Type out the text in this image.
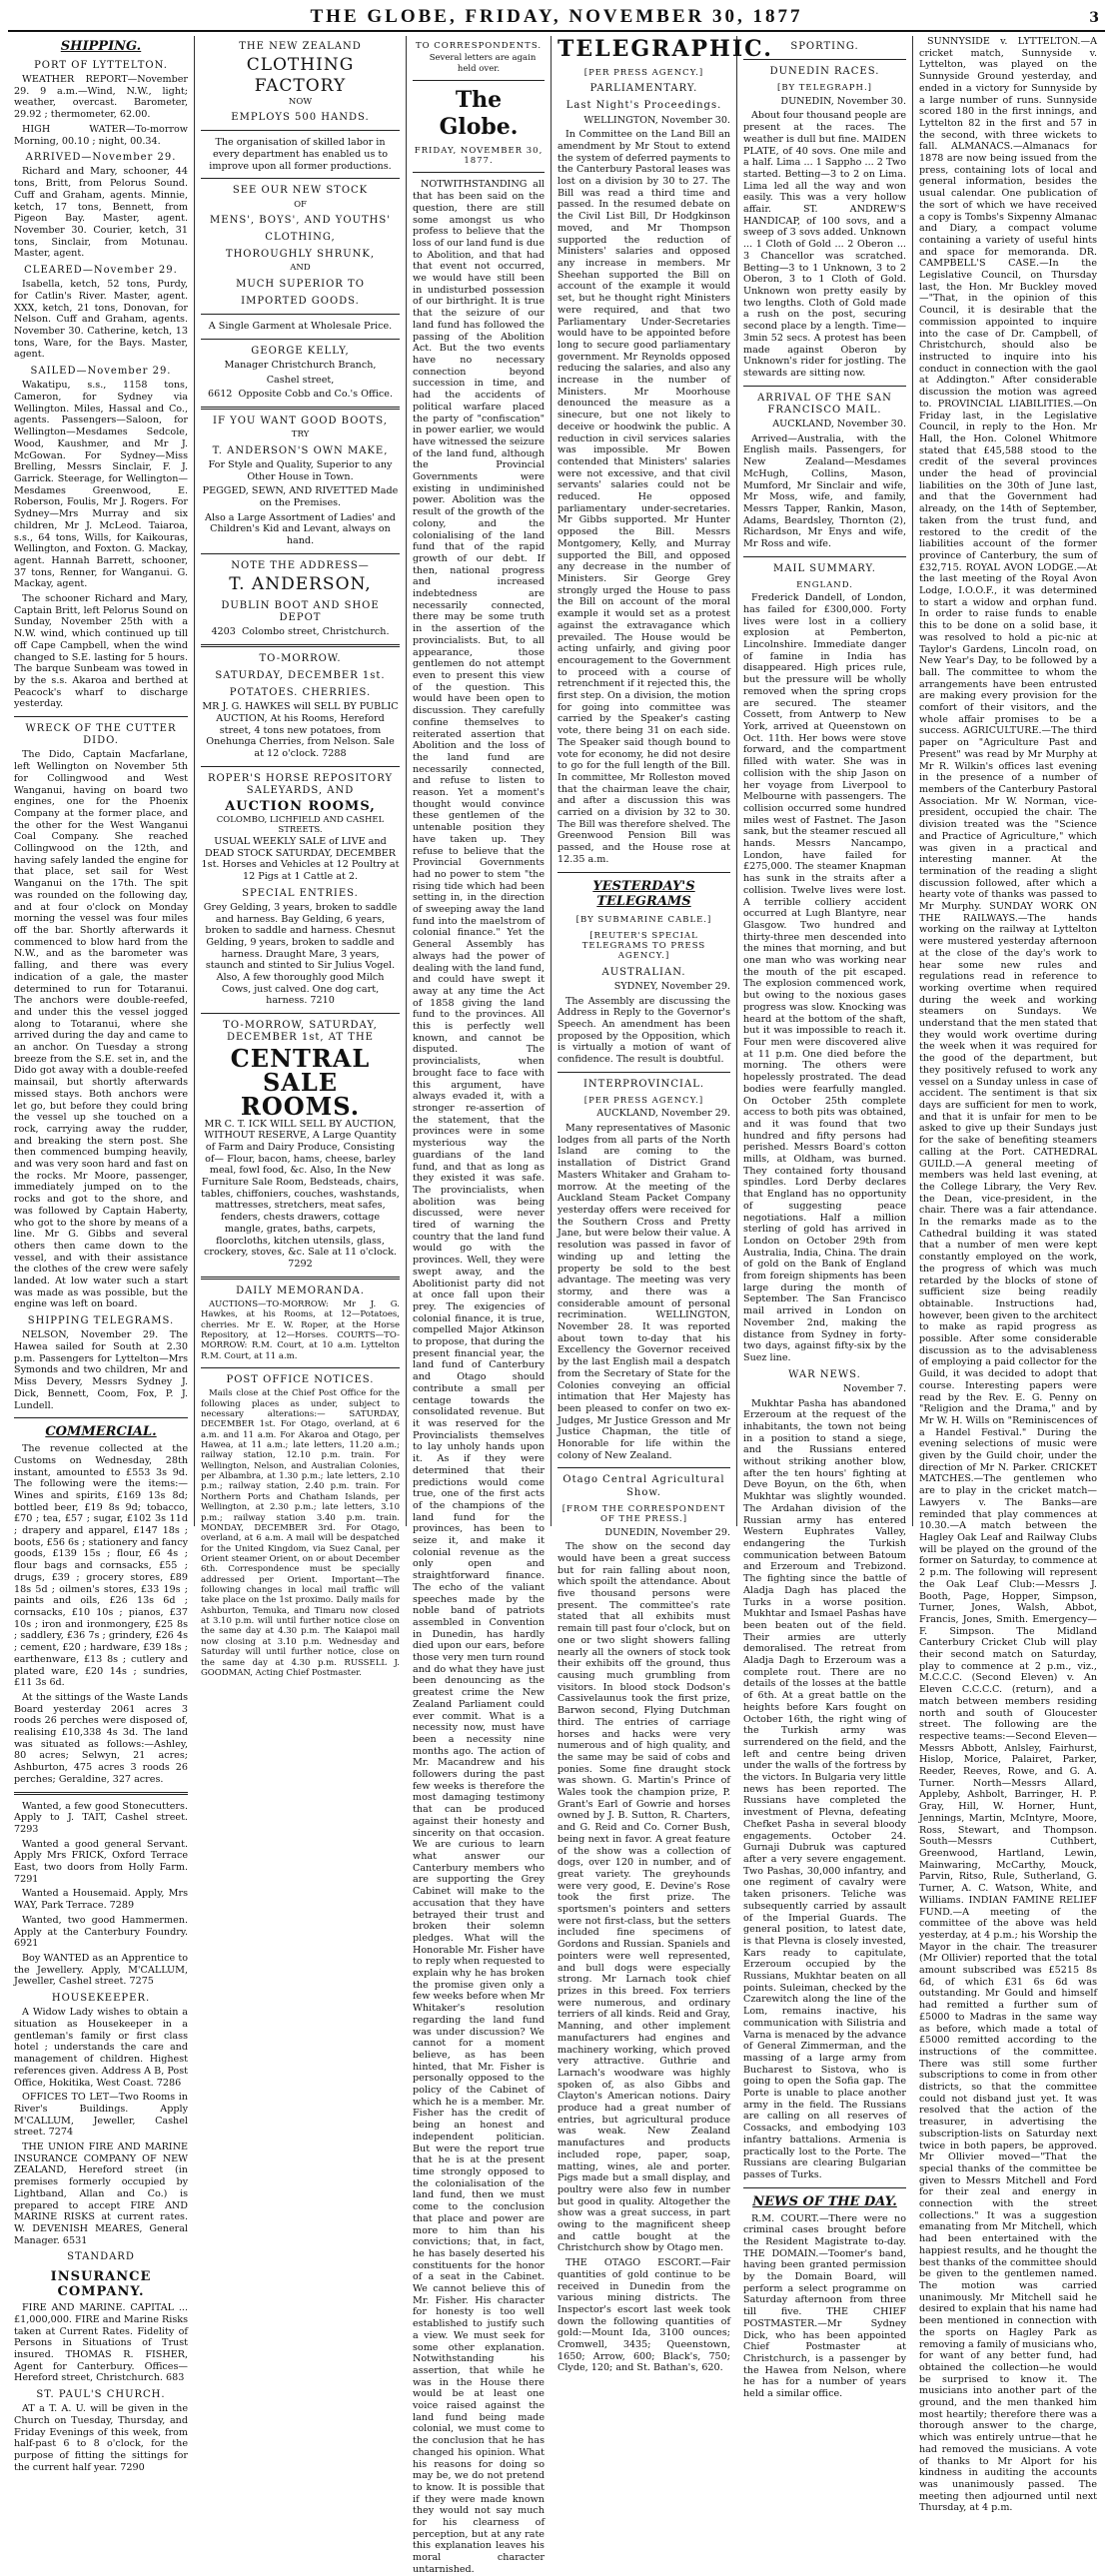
THE GLOBE, FRIDAY, NOVEMBER 30, 1877	3
SHIPPING.
PORT OF LYTTELTON.

WEATHER REPORT—November 29. 9 a.m.—Wind, N.W., light; weather, overcast. Barometer, 29.92 ; thermometer, 62.00.

HIGH WATER—To-morrow Morning, 00.10 ; night, 00.34.

ARRIVED—November 29.

Richard and Mary, schooner, 44 tons, Britt, from Pelorus Sound. Cuff and Graham, agents. Minnie, ketch, 17 tons, Bennett, from Pigeon Bay. Master, agent. November 30. Courier, ketch, 31 tons, Sinclair, from Motunau. Master, agent.

CLEARED—November 29.

Isabella, ketch, 52 tons, Purdy, for Catlin's River. Master, agent. XXX, ketch, 21 tons, Donovan, for Nelson. Cuff and Graham, agents. November 30. Catherine, ketch, 13 tons, Ware, for the Bays. Master, agent.

SAILED—November 29.

Wakatipu, s.s., 1158 tons, Cameron, for Sydney via Wellington. Miles, Hassal and Co., agents. Passengers—Saloon, for Wellington—Mesdames Sedcole, Wood, Kaushmer, and Mr J. McGowan. For Sydney—Miss Brelling, Messrs Sinclair, F. J. Garrick. Steerage, for Wellington—Mesdames Greenwood, E. Roberson, Foulis, Mr J. Rogers. For Sydney—Mrs Murray and six children, Mr J. McLeod. Taiaroa, s.s., 64 tons, Wills, for Kaikouras, Wellington, and Foxton. G. Mackay, agent. Hannah Barrett, schooner, 37 tons, Renner, for Wanganui. G. Mackay, agent.

The schooner Richard and Mary, Captain Britt, left Pelorus Sound on Sunday, November 25th with a N.W. wind, which continued up till off Cape Campbell, when the wind changed to S.E. lasting for 5 hours. The barque Sunbeam was towed in by the s.s. Akaroa and berthed at Peacock's wharf to discharge yesterday.

WRECK OF THE CUTTER DIDO.

The Dido, Captain Macfarlane, left Wellington on November 5th for Collingwood and West Wanganui, having on board two engines, one for the Phoenix Company at the former place, and the other for the West Wanganui Coal Company. She reached Collingwood on the 12th, and having safely landed the engine for that place, set sail for West Wanganui on the 17th. The spit was rounded on the following day, and at four o'clock on Monday morning the vessel was four miles off the bar. Shortly afterwards it commenced to blow hard from the N.W., and as the barometer was falling, and there was every indication of a gale, the master determined to run for Totaranui. The anchors were double-reefed, and under this the vessel jogged along to Totaranui, where she arrived during the day and came to an anchor. On Tuesday a strong breeze from the S.E. set in, and the Dido got away with a double-reefed mainsail, but shortly afterwards missed stays. Both anchors were let go, but before they could bring the vessel up she touched on a rock, carrying away the rudder, and breaking the stern post. She then commenced bumping heavily, and was very soon hard and fast on the rocks. Mr Moore, passenger, immediately jumped on to the rocks and got to the shore, and was followed by Captain Haberty, who got to the shore by means of a line. Mr G. Gibbs and several others then came down to the vessel, and with their assistance the clothes of the crew were safely landed. At low water such a start was made as was possible, but the engine was left on board.

SHIPPING TELEGRAMS.

NELSON, November 29. The Hawea sailed for South at 2.30 p.m. Passengers for Lyttelton—Mrs Symonds and two children, Mr and Miss Devery, Messrs Sydney J. Dick, Bennett, Coom, Fox, P. J. Lundell.

COMMERCIAL.

The revenue collected at the Customs on Wednesday, 28th instant, amounted to £553 3s 9d. The following were the items:—Wines and spirits, £169 13s 8d; bottled beer, £19 8s 9d; tobacco, £70 ; tea, £57 ; sugar, £102 3s 11d ; drapery and apparel, £147 18s ; boots, £56 6s ; stationery and fancy goods, £139 15s ; flour, £6 4s ; flour bags and cornsacks, £55 ; drugs, £39 ; grocery stores, £89 18s 5d ; oilmen's stores, £33 19s ; paints and oils, £26 13s 6d ; cornsacks, £10 10s ; pianos, £37 10s ; iron and ironmongery, £25 8s ; saddlery, £36 7s ; grindery, £26 4s ; cement, £20 ; hardware, £39 18s ; earthenware, £13 8s ; cutlery and plated ware, £20 14s ; sundries, £11 3s 6d.

At the sittings of the Waste Lands Board yesterday 2061 acres 3 roods 26 perches were disposed of, realising £10,338 4s 3d. The land was situated as follows:—Ashley, 80 acres; Selwyn, 21 acres; Ashburton, 475 acres 3 roods 26 perches; Geraldine, 327 acres.

Wanted, a few good Stonecutters. Apply to J. TAIT, Cashel street. 7293

Wanted a good general Servant. Apply Mrs FRICK, Oxford Terrace East, two doors from Holly Farm. 7291

Wanted a Housemaid. Apply, Mrs WAY, Park Terrace. 7289

Wanted, two good Hammermen. Apply at the Canterbury Foundry. 6921

Boy WANTED as an Apprentice to the Jewellery. Apply, M'CALLUM, Jeweller, Cashel street. 7275

HOUSEKEEPER.

A Widow Lady wishes to obtain a situation as Housekeeper in a gentleman's family or first class hotel ; understands the care and management of children. Highest references given. Address A B, Post Office, Hokitika, West Coast. 7286

OFFICES TO LET—Two Rooms in River's Buildings. Apply M'CALLUM, Jeweller, Cashel street. 7274

THE UNION FIRE AND MARINE INSURANCE COMPANY OF NEW ZEALAND, Hereford street (in premises formerly occupied by Lightband, Allan and Co.) is prepared to accept FIRE AND MARINE RISKS at current rates. W. DEVENISH MEARES, General Manager. 6531

STANDARD
INSURANCE COMPANY.

FIRE AND MARINE. CAPITAL ... £1,000,000. FIRE and Marine Risks taken at Current Rates. Fidelity of Persons in Situations of Trust insured. THOMAS R. FISHER, Agent for Canterbury. Offices—Hereford street, Christchurch. 683

ST. PAUL'S CHURCH.

AT a T. A. U. will be given in the Church on Tuesday, Thursday, and Friday Evenings of this week, from half-past 6 to 8 o'clock, for the purpose of fitting the sittings for the current half year. 7290

THE NEW ZEALAND
CLOTHING FACTORY
NOW
EMPLOYS 500 HANDS.

The organisation of skilled labor in every department has enabled us to improve upon all former productions.

SEE OUR NEW STOCK
OF
MENS', BOYS', AND YOUTHS'
CLOTHING,
THOROUGHLY SHRUNK,
AND
MUCH SUPERIOR TO
IMPORTED GOODS.

A Single Garment at Wholesale Price.

GEORGE KELLY,

Manager Christchurch Branch,

Cashel street,

6612 Opposite Cobb and Co.'s Office.

IF YOU WANT GOOD BOOTS,
TRY
T. ANDERSON'S OWN MAKE,

For Style and Quality, Superior to any Other House in Town.

PEGGED, SEWN, AND RIVETTED Made on the Premises.

Also a Large Assortment of Ladies' and Children's Kid and Levant, always on hand.

NOTE THE ADDRESS—
T. ANDERSON,
DUBLIN BOOT AND SHOE DEPOT

4203 Colombo street, Christchurch.

TO-MORROW.
SATURDAY, DECEMBER 1st.
POTATOES. CHERRIES.

MR J. G. HAWKES will SELL BY PUBLIC AUCTION, At his Rooms, Hereford street, 4 tons new potatoes, from Onehunga Cherries, from Nelson. Sale at 12 o'clock. 7288

ROPER'S HORSE REPOSITORY SALEYARDS, AND
AUCTION ROOMS,
COLOMBO, LICHFIELD AND CASHEL STREETS.

USUAL WEEKLY SALE of LIVE and DEAD STOCK SATURDAY, DECEMBER 1st. Horses and Vehicles at 12 Poultry at 12 Pigs at 1 Cattle at 2.

SPECIAL ENTRIES.

Grey Gelding, 3 years, broken to saddle and harness. Bay Gelding, 6 years, broken to saddle and harness. Chesnut Gelding, 9 years, broken to saddle and harness. Draught Mare, 3 years, staunch and stinted to Sir Julius Vogel. Also, A few thoroughly good Milch Cows, just calved. One dog cart, harness. 7210

TO-MORROW, SATURDAY, DECEMBER 1st, AT THE
CENTRAL
SALE ROOMS.

MR C. T. ICK WILL SELL BY AUCTION, WITHOUT RESERVE, A Large Quantity of Farm and Dairy Produce, Consisting of— Flour, bacon, hams, cheese, barley meal, fowl food, &c. Also, In the New Furniture Sale Room, Bedsteads, chairs, tables, chiffoniers, couches, washstands, mattresses, stretchers, meat safes, fenders, chests drawers, cottage mangle, grates, baths, carpets, floorcloths, kitchen utensils, glass, crockery, stoves, &c. Sale at 11 o'clock. 7292

DAILY MEMORANDA.

AUCTIONS—TO-MORROW: Mr J. G. Hawkes, at his Rooms, at 12—Potatoes, cherries. Mr E. W. Roper, at the Horse Repository, at 12—Horses. COURTS—TO-MORROW: R.M. Court, at 10 a.m. Lyttelton R.M. Court, at 11 a.m.

POST OFFICE NOTICES.

Mails close at the Chief Post Office for the following places as under, subject to necessary alterations:— SATURDAY, DECEMBER 1st. For Otago, overland, at 6 a.m. and 11 a.m. For Akaroa and Otago, per Hawea, at 11 a.m.; late letters, 11.20 a.m.; railway station, 12.10 p.m. train. For Wellington, Nelson, and Australian Colonies, per Albambra, at 1.30 p.m.; late letters, 2.10 p.m.; railway station, 2.40 p.m. train. For Northern Ports and Chatham Islands, per Wellington, at 2.30 p.m.; late letters, 3.10 p.m.; railway station 3.40 p.m. train. MONDAY, DECEMBER 3rd. For Otago, overland, at 6 a.m. A mail will be despatched for the United Kingdom, via Suez Canal, per Orient steamer Orient, on or about December 6th. Correspondence must be specially addressed per Orient. Important—The following changes in local mail traffic will take place on the 1st proximo. Daily mails for Ashburton, Temuka, and Timaru now closed at 3.10 p.m. will until further notice close on the same day at 4.30 p.m. The Kaiapoi mail now closing at 3.10 p.m. Wednesday and Saturday will until further notice, close on the same day at 4.30 p.m. RUSSELL J. GOODMAN, Acting Chief Postmaster.

TO CORRESPONDENTS.

Several letters are again held over.

The Globe.
FRIDAY, NOVEMBER 30, 1877.

NOTWITHSTANDING all that has been said on the question, there are still some amongst us who profess to believe that the loss of our land fund is due to Abolition, and that had that event not occurred, we would have still been in undisturbed possession of our birthright. It is true that the seizure of our land fund has followed the passing of the Abolition Act. But the two events have no necessary connection beyond succession in time, and had the accidents of political warfare placed the party of "confiscation" in power earlier, we would have witnessed the seizure of the land fund, although the Provincial Governments were existing in undiminished power. Abolition was the result of the growth of the colony, and the colonialising of the land fund that of the rapid growth of our debt. If then, national progress and increased indebtedness are necessarily connected, there may be some truth in the assertion of the provincialists. But, to all appearance, those gentlemen do not attempt even to present this view of the question. This would have been open to discussion. They carefully confine themselves to reiterated assertion that Abolition and the loss of the land fund are necessarily connected, and refuse to listen to reason. Yet a moment's thought would convince these gentlemen of the untenable position they have taken up. They refuse to believe that the Provincial Governments had no power to stem "the rising tide which had been setting in, in the direction of sweeping away the land fund into the maelstrom of colonial finance." Yet the General Assembly has always had the power of dealing with the land fund, and could have swept it away at any time the Act of 1858 giving the land fund to the provinces. All this is perfectly well known, and cannot be disputed. The provincialists, when brought face to face with this argument, have always evaded it, with a stronger re-assertion of the statement, that the provinces were in some mysterious way the guardians of the land fund, and that as long as they existed it was safe. The provincialists, when abolition was being discussed, were never tired of warning the country that the land fund would go with the provinces. Well, they were swept away, and the Abolitionist party did not at once fall upon their prey. The exigencies of colonial finance, it is true, compelled Major Atkinson to propose, that during the present financial year, the land fund of Canterbury and Otago should contribute a small per centage towards the consolidated revenue. But it was reserved for the Provincialists themselves to lay unholy hands upon it. As if they were determined that their predictions would come true, one of the first acts of the champions of the land fund for the provinces, has been to seize it, and make it colonial revenue as the only open and straightforward finance. The echo of the valiant speeches made by the noble band of patriots assembled in Convention in Dunedin, has hardly died upon our ears, before those very men turn round and do what they have just been denouncing as the greatest crime the New Zealand Parliament could ever commit. What is a necessity now, must have been a necessity nine months ago. The action of Mr. Macandrew and his followers during the past few weeks is therefore the most damaging testimony that can be produced against their honesty and sincerity on that occasion. We are curious to learn what answer our Canterbury members who are supporting the Grey Cabinet will make to the accusation that they have betrayed their trust and broken their solemn pledges. What will the Honorable Mr. Fisher have to reply when requested to explain why he has broken the promise given only a few weeks before when Mr Whitaker's resolution regarding the land fund was under discussion? We cannot for a moment believe, as has been hinted, that Mr. Fisher is personally opposed to the policy of the Cabinet of which he is a member. Mr. Fisher has the credit of being an honest and independent politician. But were the report true that he is at the present time strongly opposed to the colonialisation of the land fund, then we must come to the conclusion that place and power are more to him than his convictions; that, in fact, he has basely deserted his constituents for the honor of a seat in the Cabinet. We cannot believe this of Mr. Fisher. His character for honesty is too well established to justify such a view. We must seek for some other explanation. Notwithstanding his assertion, that while he was in the House there would be at least one voice raised against the land fund being made colonial, we must come to the conclusion that he has changed his opinion. What his reasons for doing so may be, we do not pretend to know. It is possible that if they were made known they would not say much for his clearness of perception, but at any rate this explanation leaves his moral character untarnished.

TELEGRAPHIC.
[PER PRESS AGENCY.]
PARLIAMENTARY.
Last Night's Proceedings.

WELLINGTON, November 30.

In Committee on the Land Bill an amendment by Mr Stout to extend the system of deferred payments to the Canterbury Pastoral leases was lost on a division by 30 to 27. The Bill was read a third time and passed. In the resumed debate on the Civil List Bill, Dr Hodgkinson moved, and Mr Thompson supported the reduction of Ministers' salaries and opposed any increase in members. Mr Sheehan supported the Bill on account of the example it would set, but he thought right Ministers were required, and that two Parliamentary Under-Secretaries would have to be appointed before long to secure good parliamentary government. Mr Reynolds opposed reducing the salaries, and also any increase in the number of Ministers. Mr Moorhouse denounced the measure as a sinecure, but one not likely to deceive or hoodwink the public. A reduction in civil services salaries was impossible. Mr Bowen contended that Ministers' salaries were not excessive, and that civil servants' salaries could not be reduced. He opposed parliamentary under-secretaries. Mr Gibbs supported. Mr Hunter opposed the Bill. Messrs Montgomery, Kelly, and Murray supported the Bill, and opposed any decrease in the number of Ministers. Sir George Grey strongly urged the House to pass the Bill on account of the moral example it would set as a protest against the extravagance which prevailed. The House would be acting unfairly, and giving poor encouragement to the Government to proceed with a course of retrenchment if it rejected this, the first step. On a division, the motion for going into committee was carried by the Speaker's casting vote, there being 31 on each side. The Speaker said though bound to vote for economy, he did not desire to go for the full length of the Bill. In committee, Mr Rolleston moved that the chairman leave the chair, and after a discussion this was carried on a division by 32 to 30. The Bill was therefore shelved. The Greenwood Pension Bill was passed, and the House rose at 12.35 a.m.

YESTERDAY'S TELEGRAMS
[BY SUBMARINE CABLE.]
[REUTER'S SPECIAL TELEGRAMS TO PRESS AGENCY.]
AUSTRALIAN.

SYDNEY, November 29.

The Assembly are discussing the Address in Reply to the Governor's Speech. An amendment has been proposed by the Opposition, which is virtually a motion of want of confidence. The result is doubtful.

INTERPROVINCIAL.
[PER PRESS AGENCY.]

AUCKLAND, November 29.

Many representatives of Masonic lodges from all parts of the North Island are coming to the installation of District Grand Masters Whitaker and Graham to-morrow. At the meeting of the Auckland Steam Packet Company yesterday offers were received for the Southern Cross and Pretty Jane, but were below their value. A resolution was passed in favor of winding up and letting the property be sold to the best advantage. The meeting was very stormy, and there was a considerable amount of personal recrimination. WELLINGTON, November 28. It was reported about town to-day that his Excellency the Governor received by the last English mail a despatch from the Secretary of State for the Colonies conveying an official intimation that Her Majesty has been pleased to confer on two ex-Judges, Mr Justice Gresson and Mr Justice Chapman, the title of Honorable for life within the colony of New Zealand.

Otago Central Agricultural Show.
[FROM THE CORRESPONDENT OF THE PRESS.]

DUNEDIN, November 29.

The show on the second day would have been a great success but for rain falling about noon, which spoilt the attendance. About five thousand persons were present. The committee's rate stated that all exhibits must remain till past four o'clock, but on one or two slight showers falling nearly all the owners of stock took their exhibits off the ground, thus causing much grumbling from visitors. In blood stock Dodson's Cassivelaunus took the first prize, Barwon second, Flying Dutchman third. The entries of carriage horses and hacks were very numerous and of high quality, and the same may be said of cobs and ponies. Some fine draught stock was shown. G. Martin's Prince of Wales took the champion prize, P. Grant's Earl of Gowrie and horses owned by J. B. Sutton, R. Charters, and G. Reid and Co. Corner Bush, being next in favor. A great feature of the show was a collection of dogs, over 120 in number, and of great variety. The greyhounds were very good, E. Devine's Rose took the first prize. The sportsmen's pointers and setters were not first-class, but the setters included fine specimens of Gordons and Russian. Spaniels and pointers were well represented, and bull dogs were especially strong. Mr Larnach took chief prizes in this breed. Fox terriers were numerous, and ordinary terriers of all kinds. Reid and Gray, Manning, and other implement manufacturers had engines and machinery working, which proved very attractive. Guthrie and Larnach's woodware was highly spoken of, as also Gibbs and Clayton's American notions. Dairy produce had a great number of entries, but agricultural produce was weak. New Zealand manufactures and products included rope, paper, soap, matting, wines, ale and porter. Pigs made but a small display, and poultry were also few in number but good in quality. Altogether the show was a great success, in part owing to the magnificent sheep and cattle bought at the Christchurch show by Otago men.

THE OTAGO ESCORT.—Fair quantities of gold continue to be received in Dunedin from the various mining districts. The Inspector's escort last week took down the following quantities of gold:—Mount Ida, 3100 ounces; Cromwell, 3435; Queenstown, 1650; Arrow, 600; Black's, 750; Clyde, 120; and St. Bathan's, 620.

SPORTING.
DUNEDIN RACES.
[BY TELEGRAPH.]

DUNEDIN, November 30.

About four thousand people are present at the races. The weather is dull but fine. MAIDEN PLATE, of 40 sovs. One mile and a half. Lima ... 1 Sappho ... 2 Two started. Betting—3 to 2 on Lima. Lima led all the way and won easily. This was a very hollow affair. ST. ANDREW'S HANDICAP, of 100 sovs, and a sweep of 3 sovs added. Unknown ... 1 Cloth of Gold ... 2 Oberon ... 3 Chancellor was scratched. Betting—3 to 1 Unknown, 3 to 2 Oberon, 3 to 1 Cloth of Gold. Unknown won pretty easily by two lengths. Cloth of Gold made a rush on the post, securing second place by a length. Time—3min 52 secs. A protest has been made against Oberon by Unknown's rider for jostling. The stewards are sitting now.

ARRIVAL OF THE SAN FRANCISCO MAIL.

AUCKLAND, November 30.

Arrived—Australia, with the English mails. Passengers, for New Zealand—Mesdames McHugh, Collins, Mason, Mumford, Mr Sinclair and wife, Mr Moss, wife, and family, Messrs Tapper, Rankin, Mason, Adams, Beardsley, Thornton (2), Richardson, Mr Enys and wife, Mr Ross and wife.

MAIL SUMMARY.
ENGLAND.

Frederick Dandell, of London, has failed for £300,000. Forty lives were lost in a colliery explosion at Pemberton, Lincolnshire. Immediate danger of famine in India has disappeared. High prices rule, but the pressure will be wholly removed when the spring crops are secured. The steamer Cossett, from Antwerp to New York, arrived at Queenstown on Oct. 11th. Her bows were stove forward, and the compartment filled with water. She was in collision with the ship Jason on her voyage from Liverpool to Melbourne with passengers. The collision occurred some hundred miles west of Fastnet. The Jason sank, but the steamer rescued all hands. Messrs Nancampo, London, have failed for £275,000. The steamer Knapman has sunk in the straits after a collision. Twelve lives were lost. A terrible colliery accident occurred at Lugh Blantyre, near Glasgow. Two hundred and thirty-three men descended into the mines that morning, and but one man who was working near the mouth of the pit escaped. The explosion commenced work, but owing to the noxious gases progress was slow. Knocking was heard at the bottom of the shaft, but it was impossible to reach it. Four men were discovered alive at 11 p.m. One died before the morning. The others were hopelessly prostrated. The dead bodies were fearfully mangled. On October 25th complete access to both pits was obtained, and it was found that two hundred and fifty persons had perished. Messrs Board's cotton mills, at Oldham, was burned. They contained forty thousand spindles. Lord Derby declares that England has no opportunity of suggesting peace negotiations. Half a million sterling of gold has arrived in London on October 29th from Australia, India, China. The drain of gold on the Bank of England from foreign shipments has been large during the month of September. The San Francisco mail arrived in London on November 2nd, making the distance from Sydney in forty-two days, against fifty-six by the Suez line.

WAR NEWS.

November 7.

Mukhtar Pasha has abandoned Erzeroum at the request of the inhabitants, the town not being in a position to stand a siege, and the Russians entered without striking another blow, after the ten hours' fighting at Deve Boyun, on the 6th, when Mukhtar was slightly wounded. The Ardahan division of the Russian army has entered Western Euphrates Valley, endangering the Turkish communication between Batoum and Erzeroum and Trebizond. The fighting since the battle of Aladja Dagh has placed the Turks in a worse position. Mukhtar and Ismael Pashas have been beaten out of the field. Their armies are utterly demoralised. The retreat from Aladja Dagh to Erzeroum was a complete rout. There are no details of the losses at the battle of 6th. At a great battle on the heights before Kars fought on October 16th, the right wing of the Turkish army was surrendered on the field, and the left and centre being driven under the walls of the fortress by the victors. In Bulgaria very little news has been reported. The Russians have completed the investment of Plevna, defeating Chefket Pasha in several bloody engagements. October 24. Gurnaji Dubruk was captured after a very severe engagement. Two Pashas, 30,000 infantry, and one regiment of cavalry were taken prisoners. Teliche was subsequently carried by assault of the Imperial Guards. The general position, to latest date, is that Plevna is closely invested, Kars ready to capitulate, Erzeroum occupied by the Russians, Mukhtar beaten on all points. Suleiman, checked by the Czarewitch along the line of the Lom, remains inactive, his communication with Silistria and Varna is menaced by the advance of General Zimmerman, and the massing of a large army from Bucharest to Sistova, who is going to open the Sofia gap. The Porte is unable to place another army in the field. The Russians are calling on all reserves of Cossacks, and embodying 103 infantry battalions. Armenia is practically lost to the Porte. The Russians are clearing Bulgarian passes of Turks.

NEWS OF THE DAY.

R.M. COURT.—There were no criminal cases brought before the Resident Magistrate to-day. THE DOMAIN.—Toomer's band, having been granted permission by the Domain Board, will perform a select programme on Saturday afternoon from three till five. THE CHIEF POSTMASTER.—Mr Sydney Dick, who has been appointed Chief Postmaster at Christchurch, is a passenger by the Hawea from Nelson, where he has for a number of years held a similar office.

SUNNYSIDE v. LYTTELTON.—A cricket match, Sunnyside v. Lyttelton, was played on the Sunnyside Ground yesterday, and ended in a victory for Sunnyside by a large number of runs. Sunnyside scored 180 in the first innings, and Lyttelton 82 in the first and 57 in the second, with three wickets to fall. ALMANACS.—Almanacs for 1878 are now being issued from the press, containing lots of local and general information, besides the usual calendar. One publication of the sort of which we have received a copy is Tombs's Sixpenny Almanac and Diary, a compact volume containing a variety of useful hints and space for memoranda. DR. CAMPBELL'S CASE.—In the Legislative Council, on Thursday last, the Hon. Mr Buckley moved—"That, in the opinion of this Council, it is desirable that the commission appointed to inquire into the case of Dr. Campbell, of Christchurch, should also be instructed to inquire into his conduct in connection with the gaol at Addington." After considerable discussion the motion was agreed to. PROVINCIAL LIABILITIES.—On Friday last, in the Legislative Council, in reply to the Hon. Mr Hall, the Hon. Colonel Whitmore stated that £45,588 stood to the credit of the several provinces under the head of provincial liabilities on the 30th of June last, and that the Government had already, on the 14th of September, taken from the trust fund, and restored to the credit of the liabilities account of the former province of Canterbury, the sum of £32,715. ROYAL AVON LODGE.—At the last meeting of the Royal Avon Lodge, I.O.O.F., it was determined to start a widow and orphan fund. In order to raise funds to enable this to be done on a solid base, it was resolved to hold a pic-nic at Taylor's Gardens, Lincoln road, on New Year's Day, to be followed by a ball. The committee to whom the arrangements have been entrusted are making every provision for the comfort of their visitors, and the whole affair promises to be a success. AGRICULTURE.—The third paper on "Agriculture Past and Present" was read by Mr Murphy at Mr R. Wilkin's offices last evening in the presence of a number of members of the Canterbury Pastoral Association. Mr W. Norman, vice-president, occupied the chair. The division treated was the "Science and Practice of Agriculture," which was given in a practical and interesting manner. At the termination of the reading a slight discussion followed, after which a hearty vote of thanks was passed to Mr Murphy. SUNDAY WORK ON THE RAILWAYS.—The hands working on the railway at Lyttelton were mustered yesterday afternoon at the close of the day's work to hear some new rules and regulations read in reference to working overtime when required during the week and working steamers on Sundays. We understand that the men stated that they would work overtime during the week when it was required for the good of the department, but they positively refused to work any vessel on a Sunday unless in case of accident. The sentiment is that six days are sufficient for men to work, and that it is unfair for men to be asked to give up their Sundays just for the sake of benefiting steamers calling at the Port. CATHEDRAL GUILD.—A general meeting of members was held last evening, at the College Library, the Very Rev. the Dean, vice-president, in the chair. There was a fair attendance. In the remarks made as to the Cathedral building it was stated that a number of men were kept constantly employed on the work, the progress of which was much retarded by the blocks of stone of sufficient size being readily obtainable. Instructions had, however, been given to the architect to make as rapid progress as possible. After some considerable discussion as to the advisableness of employing a paid collector for the Guild, it was decided to adopt that course. Interesting papers were read by the Rev. E. G. Penny on "Religion and the Drama," and by Mr W. H. Wills on "Reminiscences of a Handel Festival." During the evening selections of music were given by the Guild choir, under the direction of Mr N. Parker. CRICKET MATCHES.—The gentlemen who are to play in the cricket match—Lawyers v. The Banks—are reminded that play commences at 10.30.—A match between the Hagley Oak Leaf and Railway Clubs will be played on the ground of the former on Saturday, to commence at 2 p.m. The following will represent the Oak Leaf Club:—Messrs J. Booth, Page, Hopper, Simpson, Turner, Jones, Walsh, Abbot, Francis, Jones, Smith. Emergency—F. Simpson. The Midland Canterbury Cricket Club will play their second match on Saturday, play to commence at 2 p.m., viz., M.C.C.C. (Second Eleven) v. An Eleven C.C.C.C. (return), and a match between members residing north and south of Gloucester street. The following are the respective teams:—Second Eleven—Messrs Abbott, Anlsley, Fairhurst, Hislop, Morice, Palairet, Parker, Reeder, Reeves, Rowe, and G. A. Turner. North—Messrs Allard, Appleby, Ashbolt, Barringer, H. P. Gray, Hill, W. Horner, Hunt, Jennings, Martin, McIntyre, Moore, Ross, Stewart, and Thompson. South—Messrs Cuthbert, Greenwood, Hartland, Lewin, Mainwaring, McCarthy, Mouck, Parvin, Ritso, Rule, Sutherland, G. Turner, A. C. Watson, White, and Williams. INDIAN FAMINE RELIEF FUND.—A meeting of the committee of the above was held yesterday, at 4 p.m.; his Worship the Mayor in the chair. The treasurer (Mr Ollivier) reported that the total amount subscribed was £5215 8s 6d, of which £31 6s 6d was outstanding. Mr Gould and himself had remitted a further sum of £5000 to Madras in the same way as before, which made a total of £5000 remitted according to the instructions of the committee. There was still some further subscriptions to come in from other districts, so that the committee could not disband just yet. It was resolved that the action of the treasurer, in advertising the subscription-lists on Saturday next twice in both papers, be approved. Mr Ollivier moved—"That the special thanks of the committee be given to Messrs Mitchell and Ford for their zeal and energy in connection with the street collections." It was a suggestion emanating from Mr Mitchell, which had been entertained with the happiest results, and he thought the best thanks of the committee should be given to the gentlemen named. The motion was carried unanimously. Mr Mitchell said he desired to explain that his name had been mentioned in connection with the sports on Hagley Park as removing a family of musicians who, for want of any better fund, had obtained the collection—he would be surprised to know it. The musicians into another part of the ground, and the men thanked him most heartily; therefore there was a thorough answer to the charge, which was entirely untrue—that he had removed the musicians. A vote of thanks to Mr Alport for his kindness in auditing the accounts was unanimously passed. The meeting then adjourned until next Thursday, at 4 p.m.
